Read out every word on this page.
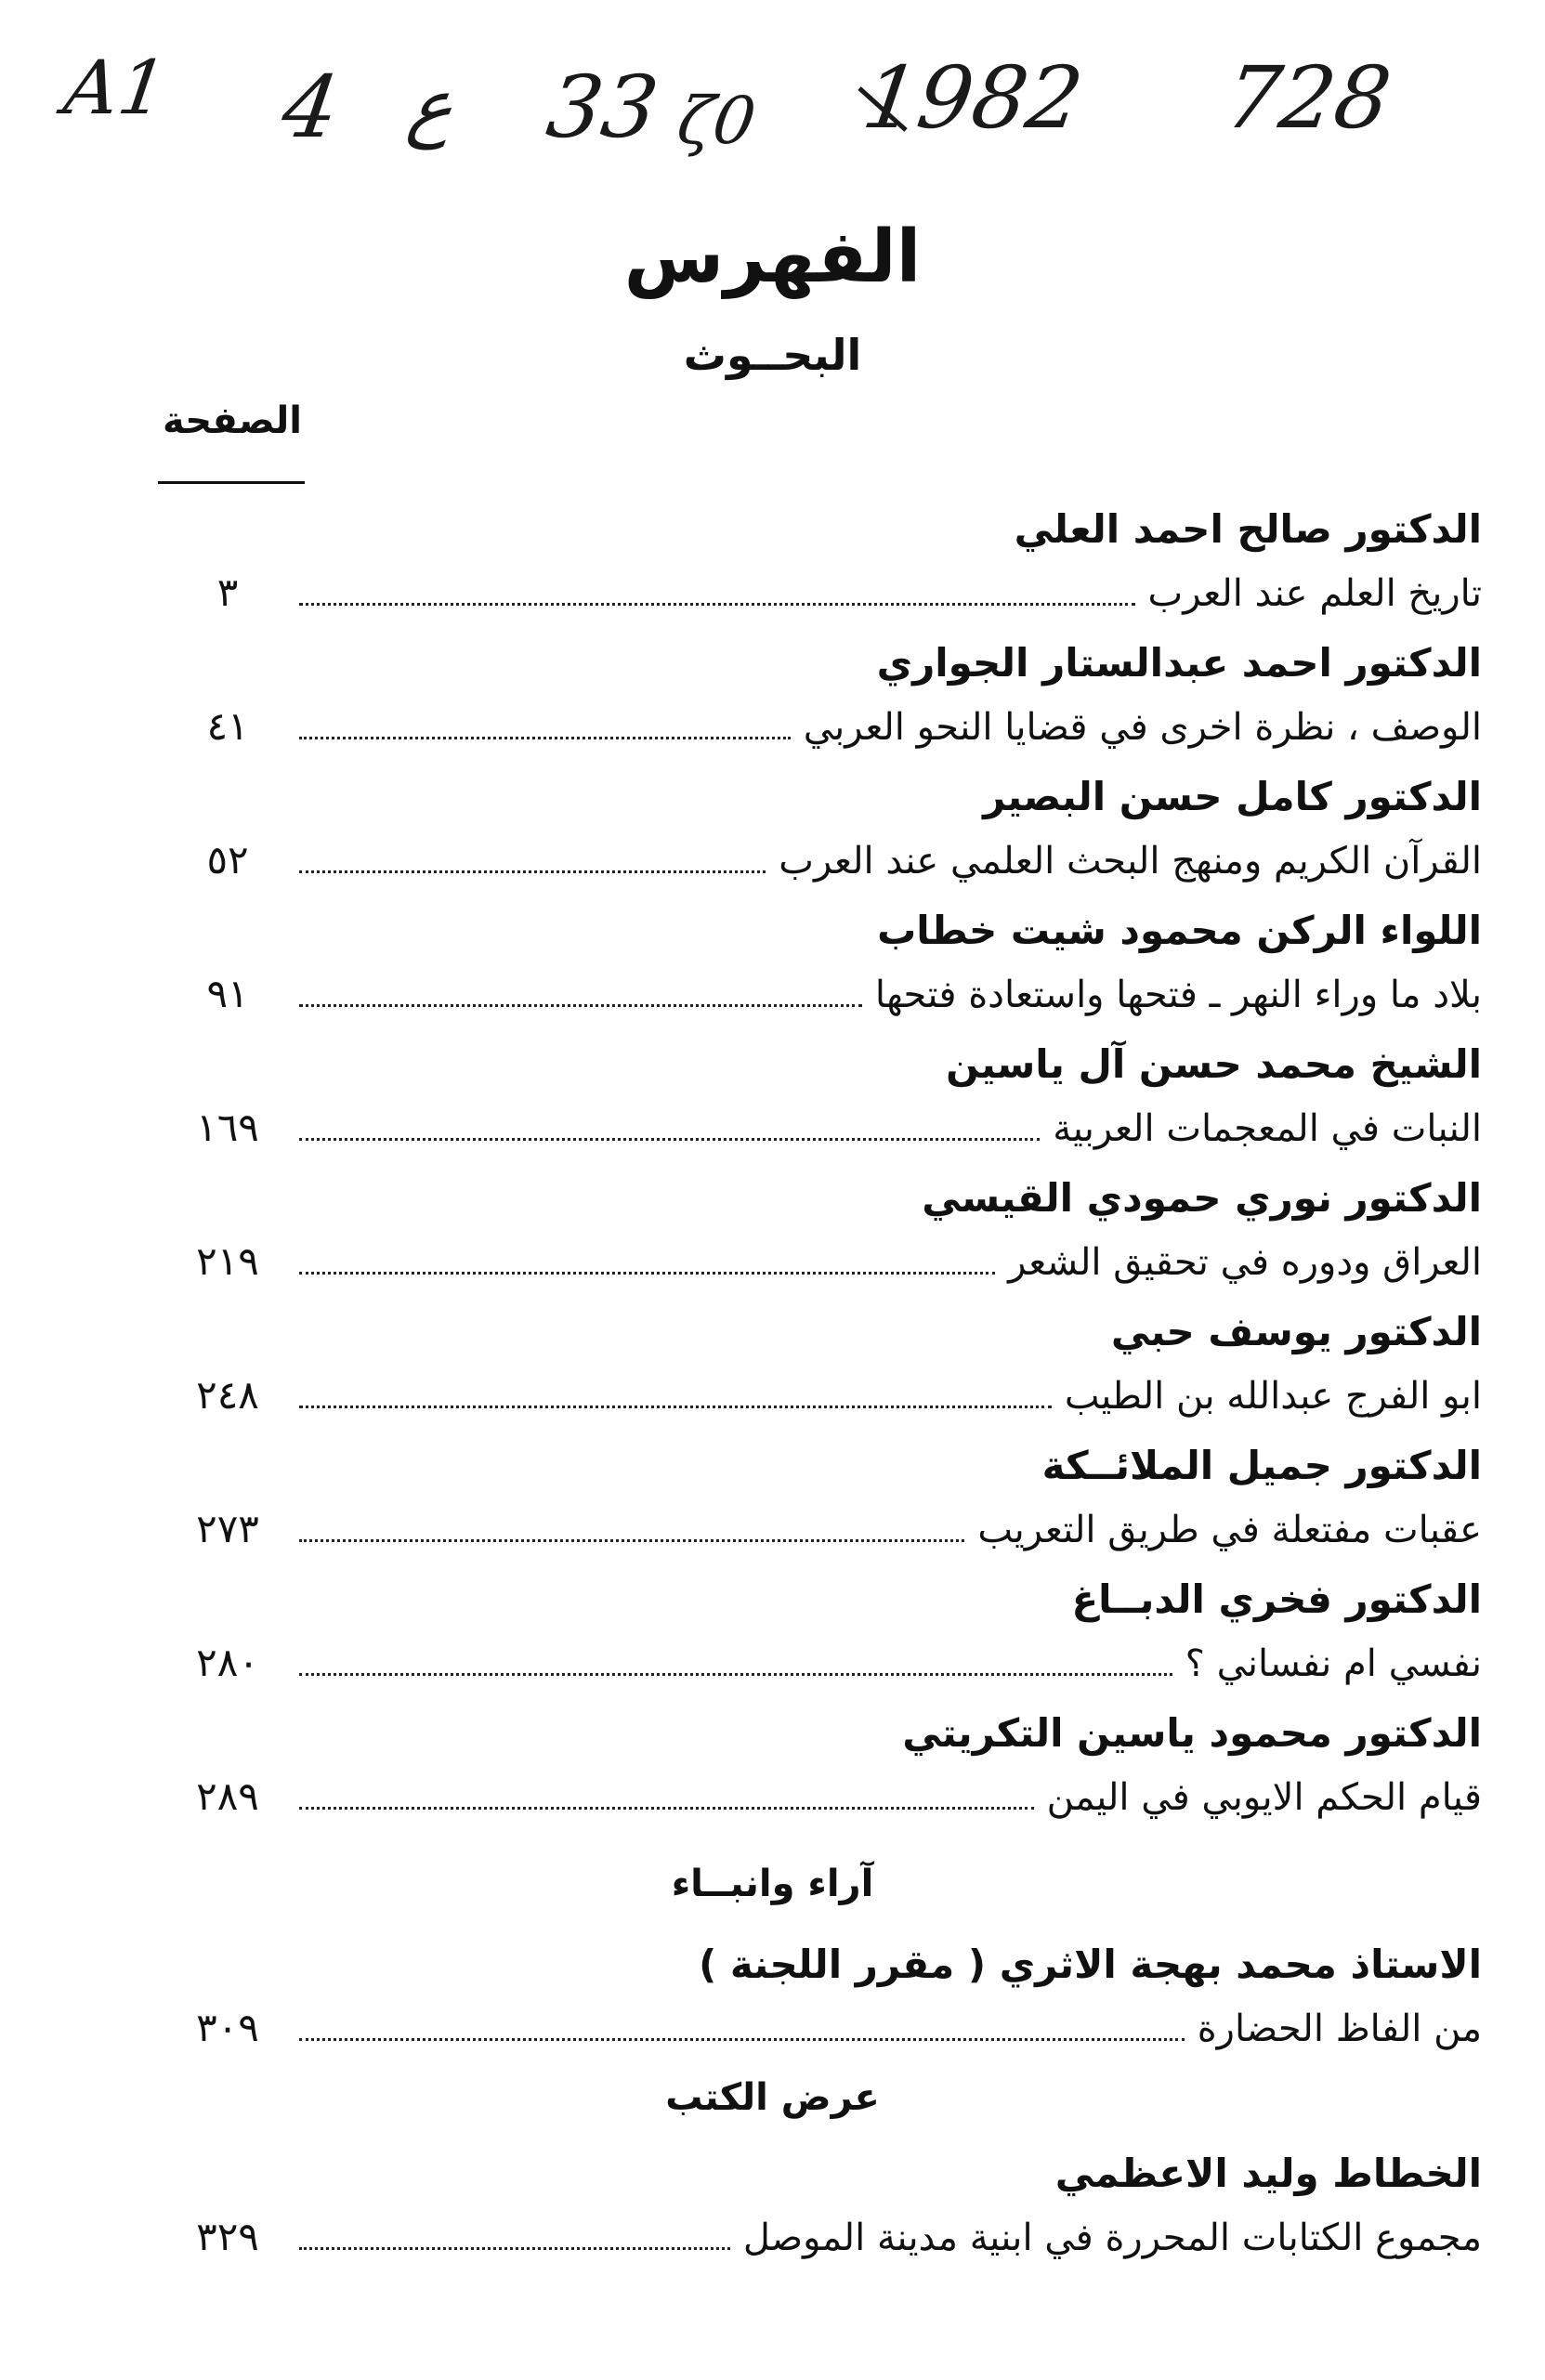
A1 4 ع 33 ζ0 1982 728
الفهرس
البحــوث
الصفحة
الدكتور صالح احمد العلي
تاريخ العلم عند العرب
٣
الدكتور احمد عبدالستار الجواري
الوصف ، نظرة اخرى في قضايا النحو العربي
٤١
الدكتور كامل حسن البصير
القرآن الكريم ومنهج البحث العلمي عند العرب
٥٢
اللواء الركن محمود شيت خطاب
بلاد ما وراء النهر ـ فتحها واستعادة فتحها
٩١
الشيخ محمد حسن آل ياسين
النبات في المعجمات العربية
١٦٩
الدكتور نوري حمودي القيسي
العراق ودوره في تحقيق الشعر
٢١٩
الدكتور يوسف حبي
ابو الفرج عبدالله بن الطيب
٢٤٨
الدكتور جميل الملائــكة
عقبات مفتعلة في طريق التعريب
٢٧٣
الدكتور فخري الدبــاغ
نفسي ام نفساني ؟
٢٨٠
الدكتور محمود ياسين التكريتي
قيام الحكم الايوبي في اليمن
٢٨٩
آراء وانبــاء
الاستاذ محمد بهجة الاثري ( مقرر اللجنة )
من الفاظ الحضارة
٣٠٩
عرض الكتب
الخطاط وليد الاعظمي
مجموع الكتابات المحررة في ابنية مدينة الموصل
٣٢٩
